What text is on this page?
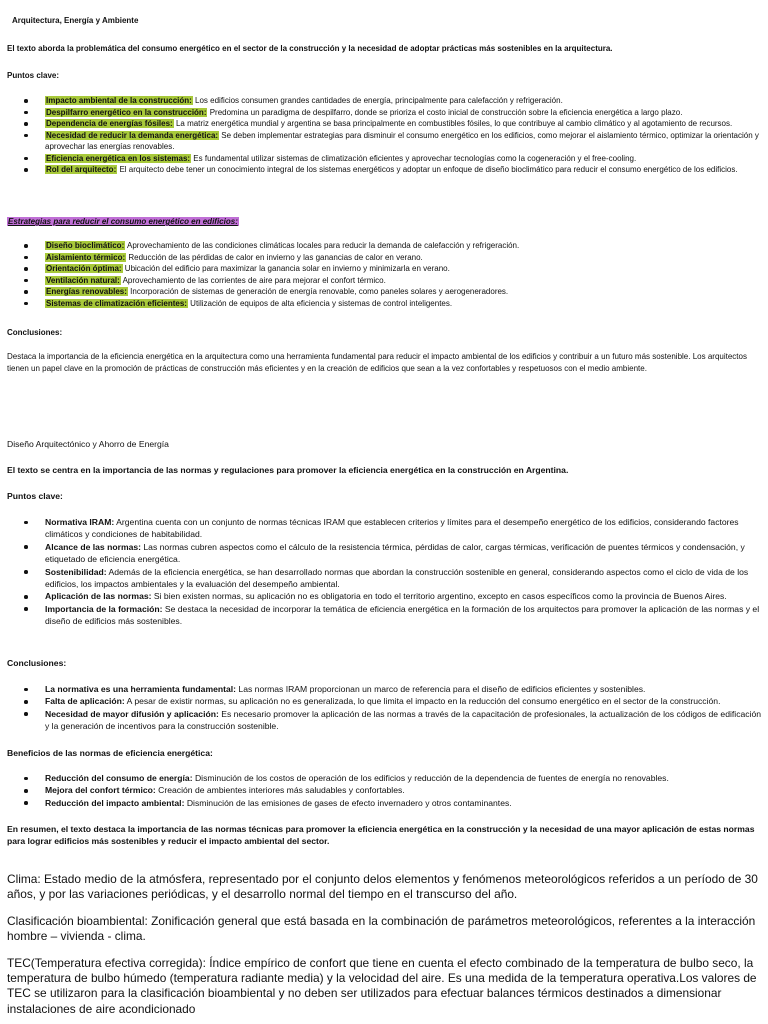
Arquitectura, Energía y Ambiente
El texto aborda la problemática del consumo energético en el sector de la construcción y la necesidad de adoptar prácticas más sostenibles en la arquitectura.
Puntos clave:
Impacto ambiental de la construcción: Los edificios consumen grandes cantidades de energía, principalmente para calefacción y refrigeración.
Despilfarro energético en la construcción: Predomina un paradigma de despilfarro, donde se prioriza el costo inicial de construcción sobre la eficiencia energética a largo plazo.
Dependencia de energías fósiles: La matriz energética mundial y argentina se basa principalmente en combustibles fósiles, lo que contribuye al cambio climático y al agotamiento de recursos.
Necesidad de reducir la demanda energética: Se deben implementar estrategias para disminuir el consumo energético en los edificios, como mejorar el aislamiento térmico, optimizar la orientación y aprovechar las energías renovables.
Eficiencia energética en los sistemas: Es fundamental utilizar sistemas de climatización eficientes y aprovechar tecnologías como la cogeneración y el free-cooling.
Rol del arquitecto: El arquitecto debe tener un conocimiento integral de los sistemas energéticos y adoptar un enfoque de diseño bioclimático para reducir el consumo energético de los edificios.
Estrategias para reducir el consumo energético en edificios:
Diseño bioclimático: Aprovechamiento de las condiciones climáticas locales para reducir la demanda de calefacción y refrigeración.
Aislamiento térmico: Reducción de las pérdidas de calor en invierno y las ganancias de calor en verano.
Orientación óptima: Ubicación del edificio para maximizar la ganancia solar en invierno y minimizarla en verano.
Ventilación natural: Aprovechamiento de las corrientes de aire para mejorar el confort térmico.
Energías renovables: Incorporación de sistemas de generación de energía renovable, como paneles solares y aerogeneradores.
Sistemas de climatización eficientes: Utilización de equipos de alta eficiencia y sistemas de control inteligentes.
Conclusiones:
Destaca la importancia de la eficiencia energética en la arquitectura como una herramienta fundamental para reducir el impacto ambiental de los edificios y contribuir a un futuro más sostenible. Los arquitectos tienen un papel clave en la promoción de prácticas de construcción más eficientes y en la creación de edificios que sean a la vez confortables y respetuosos con el medio ambiente.
Diseño Arquitectónico y Ahorro de Energía
El texto se centra en la importancia de las normas y regulaciones para promover la eficiencia energética en la construcción en Argentina.
Puntos clave:
Normativa IRAM: Argentina cuenta con un conjunto de normas técnicas IRAM que establecen criterios y límites para el desempeño energético de los edificios, considerando factores climáticos y condiciones de habitabilidad.
Alcance de las normas: Las normas cubren aspectos como el cálculo de la resistencia térmica, pérdidas de calor, cargas térmicas, verificación de puentes térmicos y condensación, y etiquetado de eficiencia energética.
Sostenibilidad: Además de la eficiencia energética, se han desarrollado normas que abordan la construcción sostenible en general, considerando aspectos como el ciclo de vida de los edificios, los impactos ambientales y la evaluación del desempeño ambiental.
Aplicación de las normas: Si bien existen normas, su aplicación no es obligatoria en todo el territorio argentino, excepto en casos específicos como la provincia de Buenos Aires.
Importancia de la formación: Se destaca la necesidad de incorporar la temática de eficiencia energética en la formación de los arquitectos para promover la aplicación de las normas y el diseño de edificios más sostenibles.
Conclusiones:
La normativa es una herramienta fundamental: Las normas IRAM proporcionan un marco de referencia para el diseño de edificios eficientes y sostenibles.
Falta de aplicación: A pesar de existir normas, su aplicación no es generalizada, lo que limita el impacto en la reducción del consumo energético en el sector de la construcción.
Necesidad de mayor difusión y aplicación: Es necesario promover la aplicación de las normas a través de la capacitación de profesionales, la actualización de los códigos de edificación y la generación de incentivos para la construcción sostenible.
Beneficios de las normas de eficiencia energética:
Reducción del consumo de energía: Disminución de los costos de operación de los edificios y reducción de la dependencia de fuentes de energía no renovables.
Mejora del confort térmico: Creación de ambientes interiores más saludables y confortables.
Reducción del impacto ambiental: Disminución de las emisiones de gases de efecto invernadero y otros contaminantes.
En resumen, el texto destaca la importancia de las normas técnicas para promover la eficiencia energética en la construcción y la necesidad de una mayor aplicación de estas normas para lograr edificios más sostenibles y reducir el impacto ambiental del sector.
Clima: Estado medio de la atmósfera, representado por el conjunto delos elementos y fenómenos meteorológicos referidos a un período de 30 años, y por las variaciones periódicas, y el desarrollo normal del tiempo en el transcurso del año.
Clasificación bioambiental: Zonificación general que está basada en la combinación de parámetros meteorológicos, referentes a la interacción hombre – vivienda - clima.
TEC(Temperatura efectiva corregida): Índice empírico de confort que tiene en cuenta el efecto combinado de la temperatura de bulbo seco, la temperatura de bulbo húmedo (temperatura radiante media) y la velocidad del aire. Es una medida de la temperatura operativa.Los valores de TEC se utilizaron para la clasificación bioambiental y no deben ser utilizados para efectuar balances térmicos destinados a dimensionar instalaciones de aire acondicionado
